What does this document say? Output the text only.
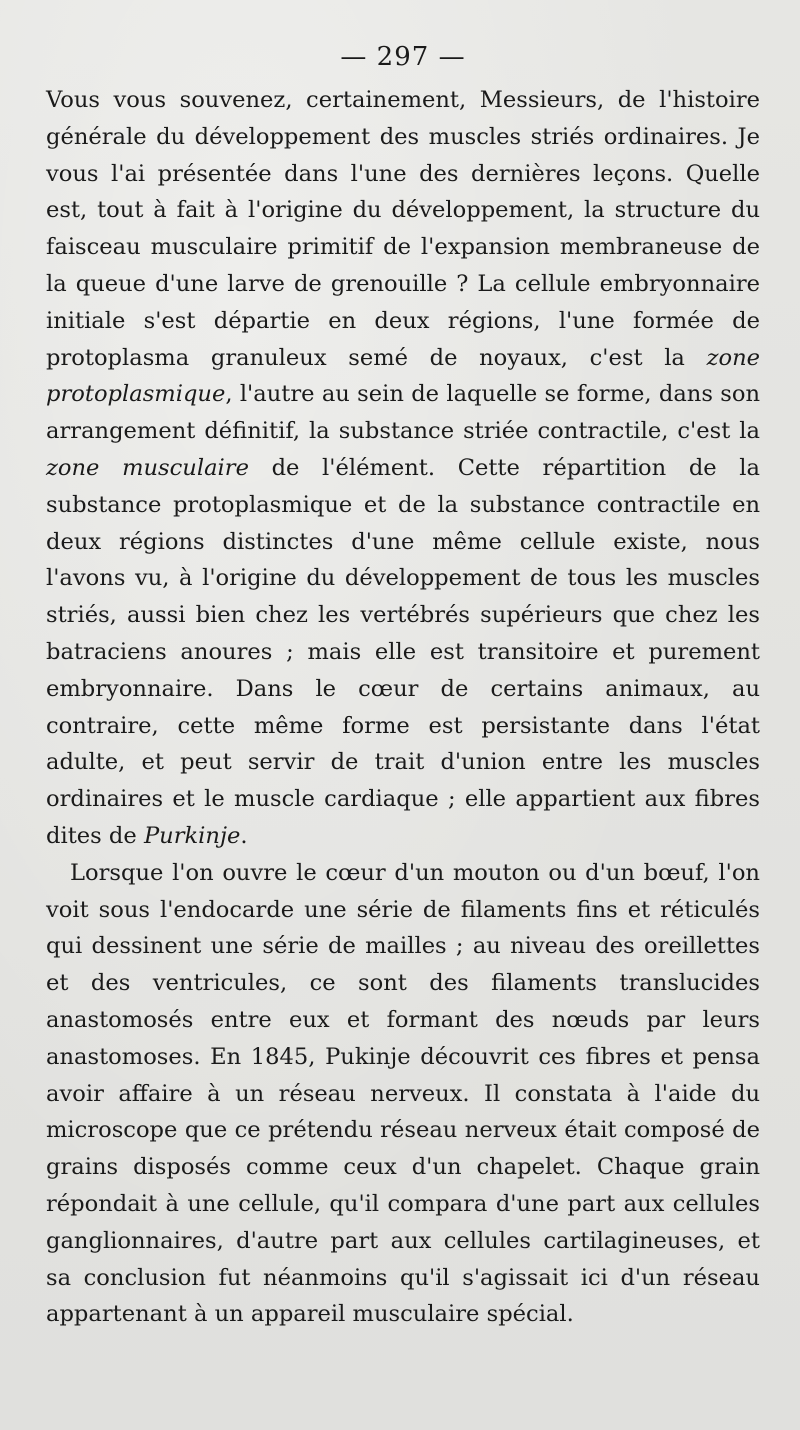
— 297 —

Vous vous souvenez, certainement, Messieurs, de l'histoire générale du développement des muscles striés ordinaires. Je vous l'ai présentée dans l'une des dernières leçons. Quelle est, tout à fait à l'origine du développement, la structure du faisceau musculaire primitif de l'expansion membraneuse de la queue d'une larve de grenouille ? La cellule embryonnaire initiale s'est départie en deux régions, l'une formée de protoplasma granuleux semé de noyaux, c'est la zone protoplasmique, l'autre au sein de laquelle se forme, dans son arrangement définitif, la substance striée contractile, c'est la zone musculaire de l'élément. Cette répartition de la substance protoplasmique et de la substance contractile en deux régions distinctes d'une même cellule existe, nous l'avons vu, à l'origine du développement de tous les muscles striés, aussi bien chez les vertébrés supérieurs que chez les batraciens anoures ; mais elle est transitoire et purement embryonnaire. Dans le cœur de certains animaux, au contraire, cette même forme est persistante dans l'état adulte, et peut servir de trait d'union entre les muscles ordinaires et le muscle cardiaque ; elle appartient aux fibres dites de Purkinje.

Lorsque l'on ouvre le cœur d'un mouton ou d'un bœuf, l'on voit sous l'endocarde une série de filaments fins et réticulés qui dessinent une série de mailles ; au niveau des oreillettes et des ventricules, ce sont des filaments translucides anastomosés entre eux et formant des nœuds par leurs anastomoses. En 1845, Pukinje découvrit ces fibres et pensa avoir affaire à un réseau nerveux. Il constata à l'aide du microscope que ce prétendu réseau nerveux était composé de grains disposés comme ceux d'un chapelet. Chaque grain répondait à une cellule, qu'il compara d'une part aux cellules ganglionnaires, d'autre part aux cellules cartilagineuses, et sa conclusion fut néanmoins qu'il s'agissait ici d'un réseau appartenant à un appareil musculaire spécial.
